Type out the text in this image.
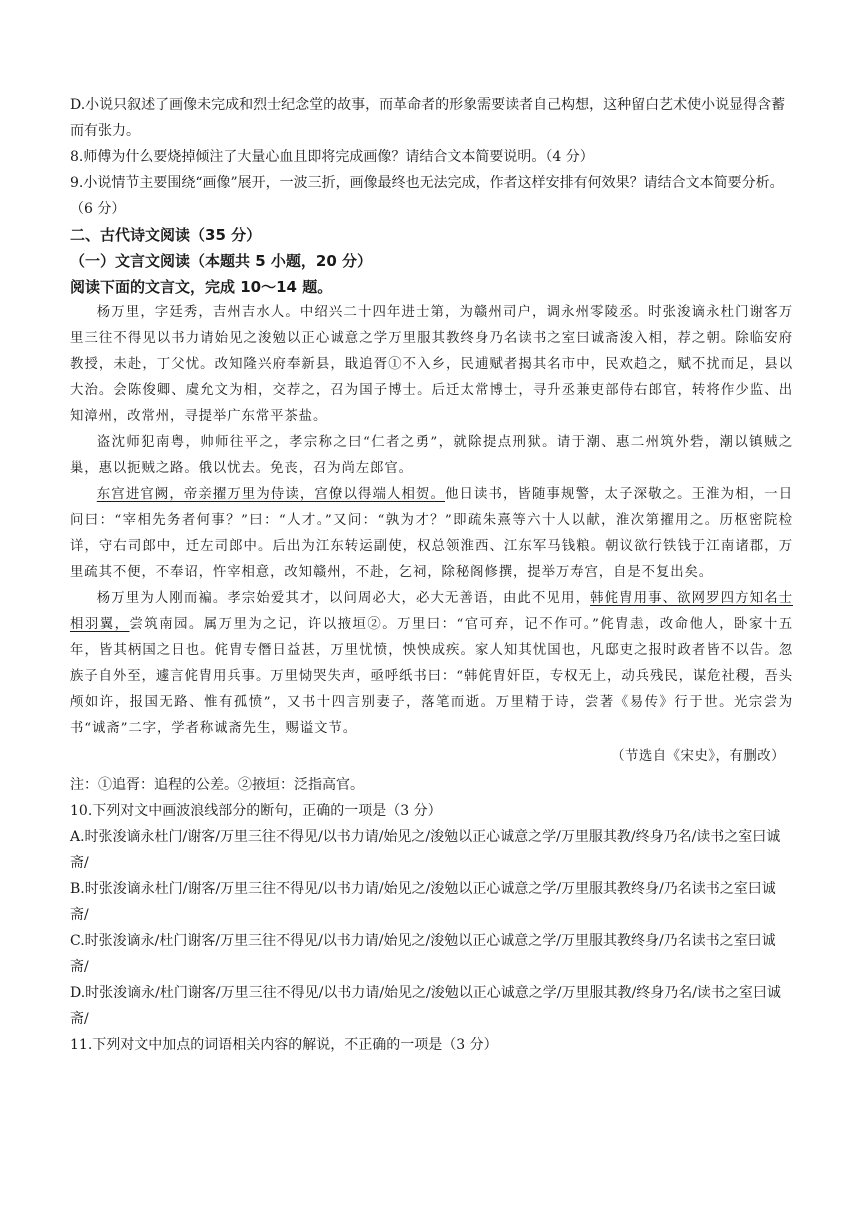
D.小说只叙述了画像未完成和烈士纪念堂的故事，而革命者的形象需要读者自己构想，这种留白艺术使小说显得含蓄而有张力。
8.师傅为什么要烧掉倾注了大量心血且即将完成画像？请结合文本简要说明。（4 分）
9.小说情节主要围绕“画像”展开，一波三折，画像最终也无法完成，作者这样安排有何效果？请结合文本简要分析。（6 分）
二、古代诗文阅读（35 分）
（一）文言文阅读（本题共 5 小题，20 分）
阅读下面的文言文，完成 10～14 题。

杨万里，字廷秀，吉州吉水人。中绍兴二十四年进士第，为赣州司户，调永州零陵丞。时张浚谪永杜门谢客万里三往不得见以书力请始见之浚勉以正心诚意之学万里服其教终身乃名读书之室曰诚斋浚入相，荐之朝。除临安府教授，未赴，丁父忧。改知隆兴府奉新县，戢追胥①不入乡，民逋赋者揭其名市中，民欢趋之，赋不扰而足，县以大治。会陈俊卿、虞允文为相，交荐之，召为国子博士。后迁太常博士，寻升丞兼吏部侍右郎官，转将作少监、出知漳州，改常州，寻提举广东常平茶盐。

盗沈师犯南粤，帅师往平之，孝宗称之曰“仁者之勇”，就除提点刑狱。请于潮、惠二州筑外砦，潮以镇贼之巢，惠以扼贼之路。俄以忧去。免丧，召为尚左郎官。

东宫进官阙，帝亲擢万里为侍读，宫僚以得端人相贺。他日读书，皆随事规警，太子深敬之。王淮为相，一日问曰：“宰相先务者何事？”曰：“人才。”又问：“孰为才？”即疏朱熹等六十人以献，淮次第擢用之。历枢密院检详，守右司郎中，迁左司郎中。后出为江东转运副使，权总领淮西、江东军马钱粮。朝议欲行铁钱于江南诸郡，万里疏其不便，不奉诏，忤宰相意，改知赣州，不赴，乞祠，除秘阁修撰，提举万寿宫，自是不复出矣。

杨万里为人刚而褊。孝宗始爱其才，以问周必大，必大无善语，由此不见用，韩侂胄用事、欲网罗四方知名士相羽翼，尝筑南园。属万里为之记，许以掖垣②。万里曰：“官可弃，记不作可。”侂胄恚，改命他人，卧家十五年，皆其柄国之日也。侂胄专僭日益甚，万里忧愤，怏怏成疾。家人知其忧国也，凡邸吏之报时政者皆不以告。忽族子自外至，遽言侂胄用兵事。万里恸哭失声，亟呼纸书曰：“韩侂胄奸臣，专权无上，动兵残民，谋危社稷，吾头颅如许，报国无路、惟有孤愤”，又书十四言别妻子，落笔而逝。万里精于诗，尝著《易传》行于世。光宗尝为书“诚斋”二字，学者称诚斋先生，赐谥文节。

（节选自《宋史》，有删改）
注：①追胥：追程的公差。②掖垣：泛指高官。
10.下列对文中画波浪线部分的断句，正确的一项是（3 分）
A.时张浚谪永杜门/谢客/万里三往不得见/以书力请/始见之/浚勉以正心诚意之学/万里服其教/终身乃名/读书之室曰诚斋/
B.时张浚谪永杜门/谢客/万里三往不得见/以书力请/始见之/浚勉以正心诚意之学/万里服其教终身/乃名读书之室曰诚斋/
C.时张浚谪永/杜门谢客/万里三往不得见/以书力请/始见之/浚勉以正心诚意之学/万里服其教终身/乃名读书之室曰诚斋/
D.时张浚谪永/杜门谢客/万里三往不得见/以书力请/始见之/浚勉以正心诚意之学/万里服其教/终身乃名/读书之室曰诚斋/
11.下列对文中加点的词语相关内容的解说，不正确的一项是（3 分）
